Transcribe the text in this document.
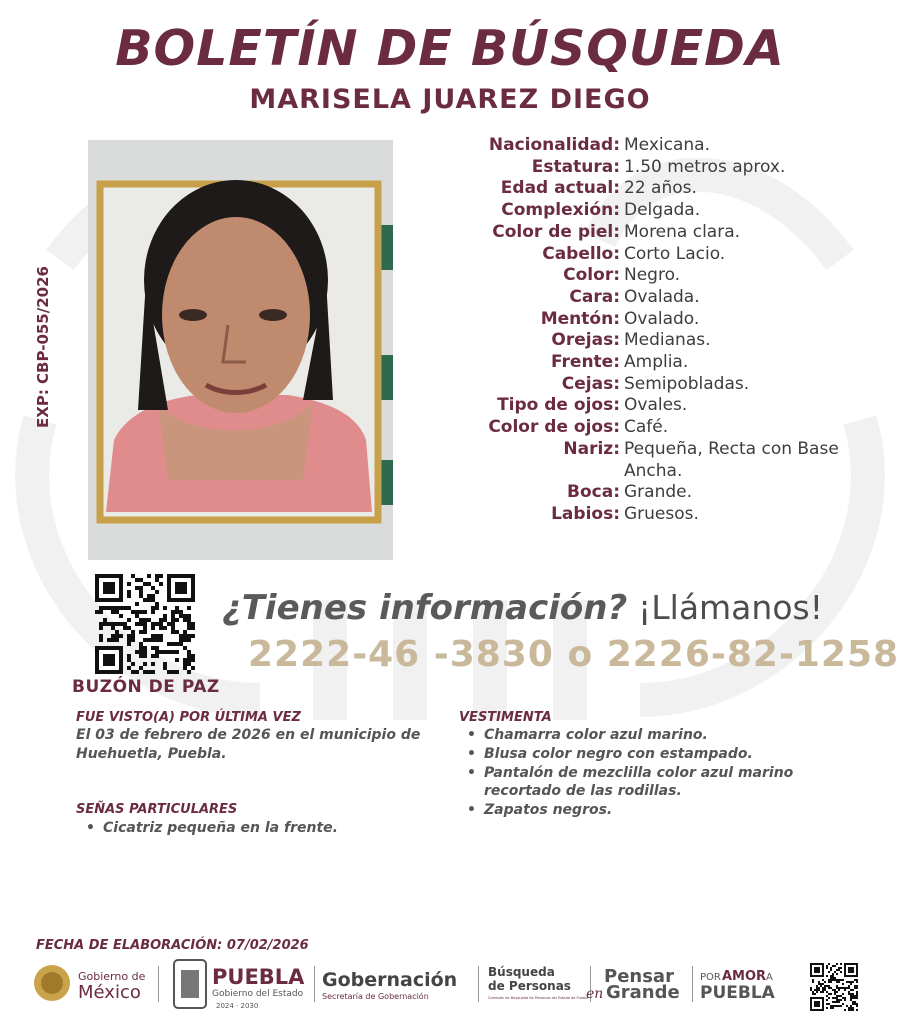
BOLETÍN DE BÚSQUEDA
MARISELA JUAREZ DIEGO
EXP: CBP-055/2026
Nacionalidad: Mexicana.
Estatura: 1.50 metros aprox.
Edad actual: 22 años.
Complexión: Delgada.
Color de piel: Morena clara.
Cabello: Corto Lacio.
Color: Negro.
Cara: Ovalada.
Mentón: Ovalado.
Orejas: Medianas.
Frente: Amplia.
Cejas: Semipobladas.
Tipo de ojos: Ovales.
Color de ojos: Café.
Nariz: Pequeña, Recta con Base
Ancha.
Boca: Grande.
Labios: Gruesos.
BUZÓN DE PAZ
¿Tienes información? ¡Llámanos!
2222-46 -3830 o 2226-82-1258
FUE VISTO(A) POR ÚLTIMA VEZ
El 03 de febrero de 2026 en el municipio de Huehuetla, Puebla.
SEÑAS PARTICULARES
• Cicatriz pequeña en la frente.
VESTIMENTA
• Chamarra color azul marino.
• Blusa color negro con estampado.
• Pantalón de mezclilla color azul marino
recortado de las rodillas.
• Zapatos negros.
FECHA DE ELABORACIÓN: 07/02/2026
Gobierno de
México
PUEBLA
Gobierno del Estado
2024 · 2030
Gobernación
Secretaría de Gobernación
Búsqueda
de Personas
Comisión de Búsqueda de Personas del Estado de Puebla
Pensar
en Grande
POR AMOR A
PUEBLA
